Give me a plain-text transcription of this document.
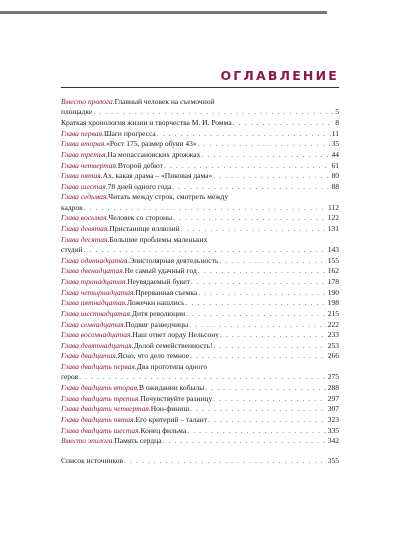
ОГЛАВЛЕНИЕ
Вместо пролога. Главный человек на съемочной
площадке . . .	5
Краткая хронология жизни и творчества М. И. Ромма . . .	8
Глава первая. Шаги прогресса . . .	11
Глава вторая. «Рост 175, размер обуви 43» . . .	35
Глава третья. На мопассановских дрожжах . . .	44
Глава четвертая. Второй дебют . . .	61
Глава пятая. Ах, какая драма – «Пиковая дама» . . .	80
Глава шестая. 78 дней одного года . . .	88
Глава седьмая. Читать между строк, смотреть между
кадров . . .	112
Глава восьмая. Человек со стороны . . .	122
Глава девятая. Пристанище иллюзий . . .	131
Глава десятая. Большие проблемы маленьких
студий . . .	143
Глава одиннадцатая. Эпистолярная деятельность . . .	155
Глава двенадцатая. Не самый удачный год . . .	162
Глава тринадцатая. Неувядаемый букет . . .	178
Глава четырнадцатая. Прерванная съемка . . .	190
Глава пятнадцатая. Ложечки нашлись . . .	198
Глава шестнадцатая. Дитя революции . . .	215
Глава семнадцатая. Подвиг разведчицы . . .	222
Глава восемнадцатая. Наш ответ лорду Нельсону . . .	233
Глава девятнадцатая. Долой семейственность! . . .	253
Глава двадцатая. Ясно, что дело темное . . .	266
Глава двадцать первая. Два прототипа одного
героя . . .	275
Глава двадцать вторая. В ожидании кобылы . . .	288
Глава двадцать третья. Почувствуйте разницу . . .	297
Глава двадцать четвертая. Нон-финиш . . .	307
Глава двадцать пятая. Его критерий – талант . . .	323
Глава двадцать шестая. Конец фильма . . .	335
Вместо эпилога. Память сердца . . .	342
Список источников . . .	355
